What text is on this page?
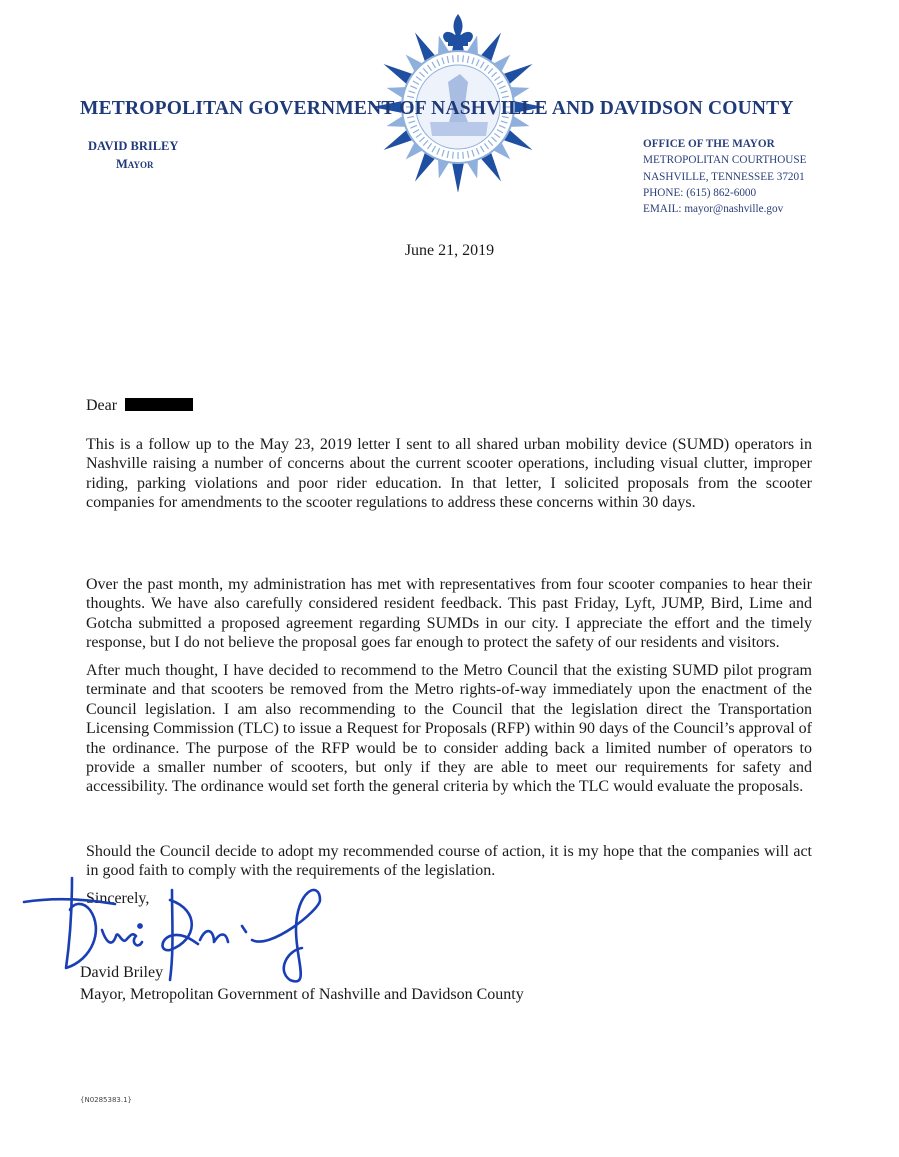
METROPOLITAN GOVERNMENT OF NASHVILLE AND DAVIDSON COUNTY
DAVID BRILEY
Mayor
OFFICE OF THE MAYOR
METROPOLITAN COURTHOUSE
NASHVILLE, TENNESSEE 37201
PHONE: (615) 862-6000
EMAIL: mayor@nashville.gov
June 21, 2019
Dear
This is a follow up to the May 23, 2019 letter I sent to all shared urban mobility device (SUMD) operators in Nashville raising a number of concerns about the current scooter operations, including visual clutter, improper riding, parking violations and poor rider education. In that letter, I solicited proposals from the scooter companies for amendments to the scooter regulations to address these concerns within 30 days.
Over the past month, my administration has met with representatives from four scooter companies to hear their thoughts. We have also carefully considered resident feedback. This past Friday, Lyft, JUMP, Bird, Lime and Gotcha submitted a proposed agreement regarding SUMDs in our city. I appreciate the effort and the timely response, but I do not believe the proposal goes far enough to protect the safety of our residents and visitors.
After much thought, I have decided to recommend to the Metro Council that the existing SUMD pilot program terminate and that scooters be removed from the Metro rights-of-way immediately upon the enactment of the Council legislation. I am also recommending to the Council that the legislation direct the Transportation Licensing Commission (TLC) to issue a Request for Proposals (RFP) within 90 days of the Council’s approval of the ordinance. The purpose of the RFP would be to consider adding back a limited number of operators to provide a smaller number of scooters, but only if they are able to meet our requirements for safety and accessibility. The ordinance would set forth the general criteria by which the TLC would evaluate the proposals.
Should the Council decide to adopt my recommended course of action, it is my hope that the companies will act in good faith to comply with the requirements of the legislation.
Sincerely,
David Briley
Mayor, Metropolitan Government of Nashville and Davidson County
{N0285383.1}
